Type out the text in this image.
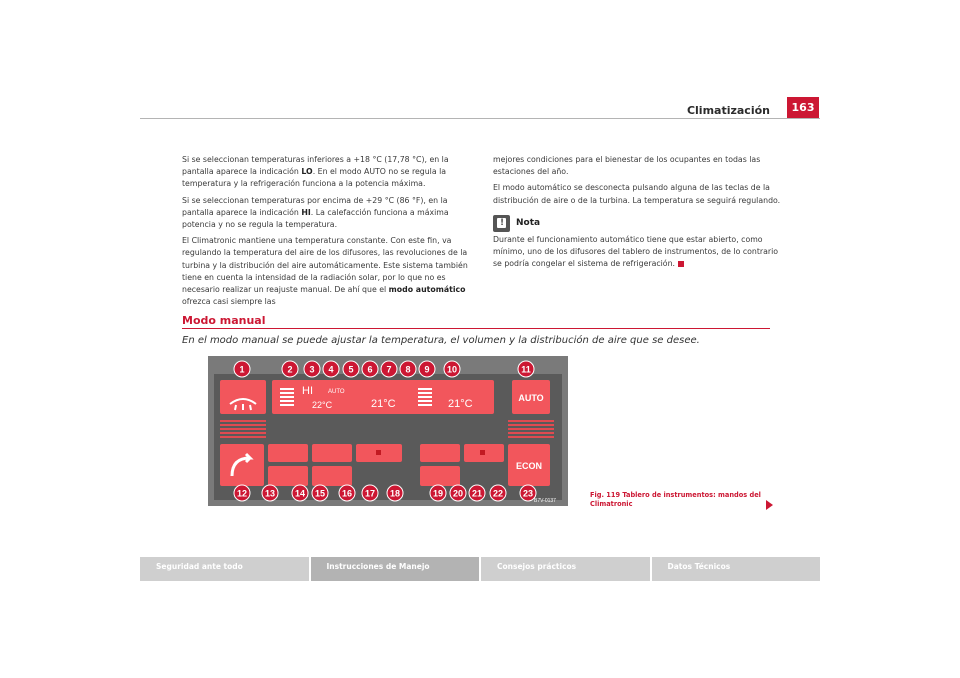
Climatización	163

Si se seleccionan temperaturas inferiores a +18 °C (17,78 °C), en la pantalla aparece la indicación LO. En el modo AUTO no se regula la temperatura y la refrigeración funciona a la potencia máxima.

Si se seleccionan temperaturas por encima de +29 °C (86 °F), en la pantalla aparece la indicación HI. La calefacción funciona a máxima potencia y no se regula la temperatura.

El Climatronic mantiene una temperatura constante. Con este fin, va regulando la temperatura del aire de los difusores, las revoluciones de la turbina y la distribución del aire automáticamente. Este sistema también tiene en cuenta la intensidad de la radiación solar, por lo que no es necesario realizar un reajuste manual. De ahí que el modo automático ofrezca casi siempre las

mejores condiciones para el bienestar de los ocupantes en todas las estaciones del año.

El modo automático se desconecta pulsando alguna de las teclas de la distribución de aire o de la turbina. La temperatura se seguirá regulando.

!
Nota

Durante el funcionamiento automático tiene que estar abierto, como mínimo, uno de los difusores del tablero de instrumentos, de lo contrario se podría congelar el sistema de refrigeración.

Modo manual
En el modo manual se puede ajustar la temperatura, el volumen y la distribución de aire que se desee.
22°C
HI
21°C	21°C
AUTO
AUTO
ECON
1	2 3 4 5 6 7 8 9 10	11
12 13 14 15 16 17 18	19 20 21 22 23
B7V-0137
Fig. 119 Tablero de instrumentos: mandos del Climatronic
Seguridad ante todo	Instrucciones de Manejo	Consejos prácticos	Datos Técnicos
